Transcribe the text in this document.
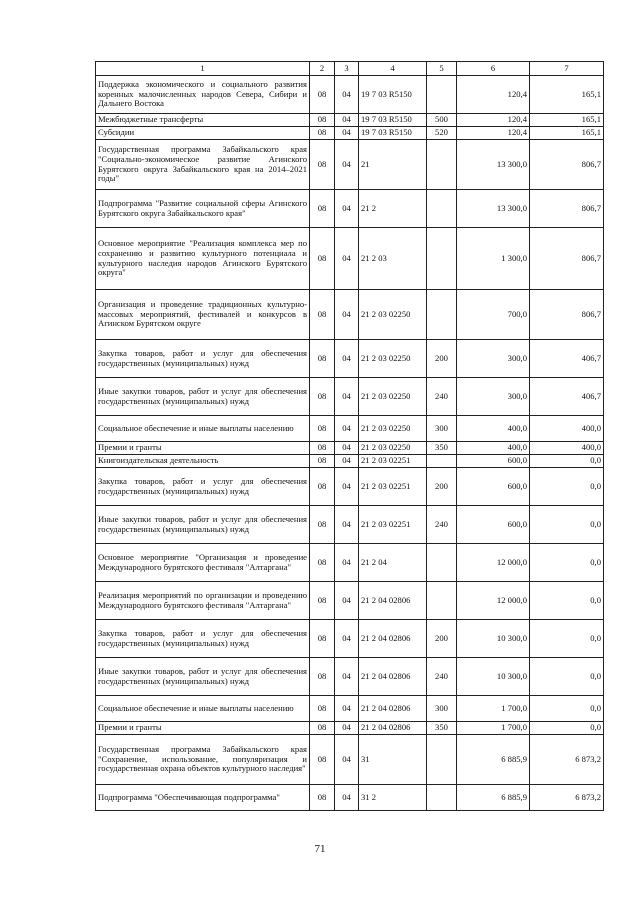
1	2	3	4	5	6	7
Поддержка экономического и социального развития коренных малочисленных народов Севера, Сибири и Дальнего Востока	08	04	19 7 03 R5150		120,4	165,1
Межбюджетные трансферты	08	04	19 7 03 R5150	500	120,4	165,1
Субсидии	08	04	19 7 03 R5150	520	120,4	165,1
Государственная программа Забайкальского края "Социально-экономическое развитие Агинского Бурятского округа Забайкальского края на 2014–2021 годы"	08	04	21		13 300,0	806,7
Подпрограмма "Развитие социальной сферы Агинского Бурятского округа Забайкальского края"	08	04	21 2		13 300,0	806,7
Основное мероприятие "Реализация комплекса мер по сохранению и развитию культурного потенциала и культурного наследия народов Агинского Бурятского округа"	08	04	21 2 03		1 300,0	806,7
Организация и проведение традиционных культурно-массовых мероприятий, фестивалей и конкурсов в Агинском Бурятском округе	08	04	21 2 03 02250		700,0	806,7
Закупка товаров, работ и услуг для обеспечения государственных (муниципальных) нужд	08	04	21 2 03 02250	200	300,0	406,7
Иные закупки товаров, работ и услуг для обеспечения государственных (муниципальных) нужд	08	04	21 2 03 02250	240	300,0	406,7
Социальное обеспечение и иные выплаты населению	08	04	21 2 03 02250	300	400,0	400,0
Премии и гранты	08	04	21 2 03 02250	350	400,0	400,0
Книгоиздательская деятельность	08	04	21 2 03 02251		600,0	0,0
Закупка товаров, работ и услуг для обеспечения государственных (муниципальных) нужд	08	04	21 2 03 02251	200	600,0	0,0
Иные закупки товаров, работ и услуг для обеспечения государственных (муниципальных) нужд	08	04	21 2 03 02251	240	600,0	0,0
Основное мероприятие "Организация и проведение Международного бурятского фестиваля "Алтаргана"	08	04	21 2 04		12 000,0	0,0
Реализация мероприятий по организации и проведению Международного бурятского фестиваля "Алтаргана"	08	04	21 2 04 02806		12 000,0	0,0
Закупка товаров, работ и услуг для обеспечения государственных (муниципальных) нужд	08	04	21 2 04 02806	200	10 300,0	0,0
Иные закупки товаров, работ и услуг для обеспечения государственных (муниципальных) нужд	08	04	21 2 04 02806	240	10 300,0	0,0
Социальное обеспечение и иные выплаты населению	08	04	21 2 04 02806	300	1 700,0	0,0
Премии и гранты	08	04	21 2 04 02806	350	1 700,0	0,0
Государственная программа Забайкальского края "Сохранение, использование, популяризация и государственная охрана объектов культурного наследия"	08	04	31		6 885,9	6 873,2
Подпрограмма "Обеспечивающая подпрограмма"	08	04	31 2		6 885,9	6 873,2
71
